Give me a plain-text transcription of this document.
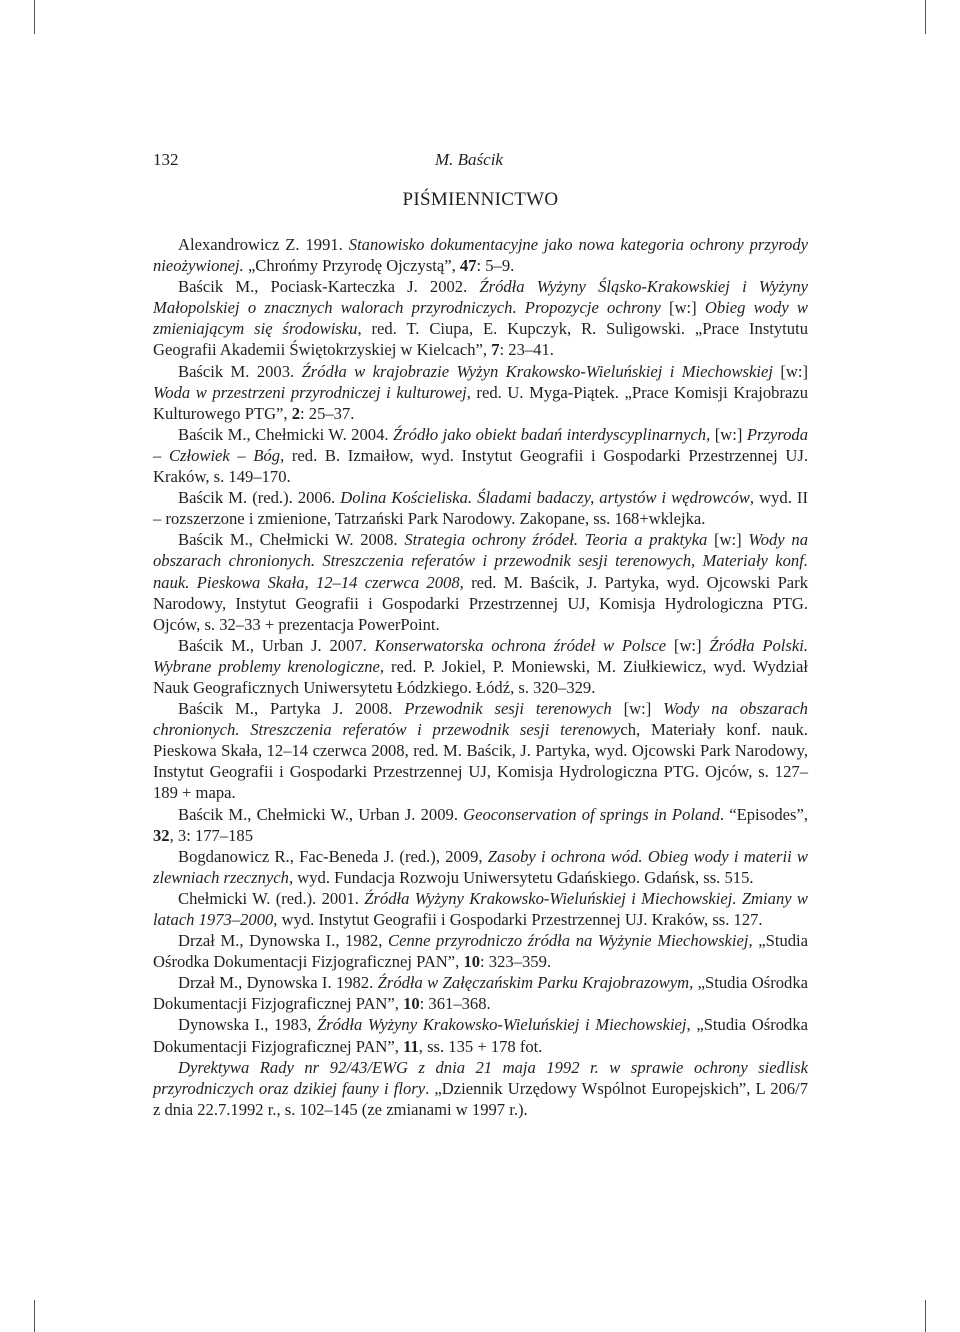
132	M. Baścik
PIŚMIENNICTWO

Alexandrowicz Z. 1991. Stanowisko dokumentacyjne jako nowa kategoria ochrony przyrody nieożywionej. „Chrońmy Przyrodę Ojczystą”, 47: 5–9.

Baścik M., Pociask-Karteczka J. 2002. Źródła Wyżyny Śląsko-Krakowskiej i Wyżyny Małopolskiej o znacznych walorach przyrodniczych. Propozycje ochrony [w:] Obieg wody w zmieniającym się środowisku, red. T. Ciupa, E. Kupczyk, R. Suligowski. „Prace Instytutu Geografii Akademii Świętokrzyskiej w Kielcach”, 7: 23–41.

Baścik M. 2003. Źródła w krajobrazie Wyżyn Krakowsko-Wieluńskiej i Miechowskiej [w:] Woda w przestrzeni przyrodniczej i kulturowej, red. U. Myga-Piątek. „Prace Komisji Krajobrazu Kulturowego PTG”, 2: 25–37.

Baścik M., Chełmicki W. 2004. Źródło jako obiekt badań interdyscyplinarnych, [w:] Przyroda – Człowiek – Bóg, red. B. Izmaiłow, wyd. Instytut Geografii i Gospodarki Przestrzennej UJ. Kraków, s. 149–170.

Baścik M. (red.). 2006. Dolina Kościeliska. Śladami badaczy, artystów i wędrowców, wyd. II – rozszerzone i zmienione, Tatrzański Park Narodowy. Zakopane, ss. 168+wklejka.

Baścik M., Chełmicki W. 2008. Strategia ochrony źródeł. Teoria a praktyka [w:] Wody na obszarach chronionych. Streszczenia referatów i przewodnik sesji terenowych, Materiały konf. nauk. Pieskowa Skała, 12–14 czerwca 2008, red. M. Baścik, J. Partyka, wyd. Ojcowski Park Narodowy, Instytut Geografii i Gospodarki Przestrzennej UJ, Komisja Hydrologiczna PTG. Ojców, s. 32–33 + prezentacja PowerPoint.

Baścik M., Urban J. 2007. Konserwatorska ochrona źródeł w Polsce [w:] Źródła Polski. Wybrane problemy krenologiczne, red. P. Jokiel, P. Moniewski, M. Ziułkiewicz, wyd. Wydział Nauk Geograficznych Uniwersytetu Łódzkiego. Łódź, s. 320–329.

Baścik M., Partyka J. 2008. Przewodnik sesji terenowych [w:] Wody na obszarach chronionych. Streszczenia referatów i przewodnik sesji terenowych, Materiały konf. nauk. Pieskowa Skała, 12–14 czerwca 2008, red. M. Baścik, J. Partyka, wyd. Ojcowski Park Narodowy, Instytut Geografii i Gospodarki Przestrzennej UJ, Komisja Hydrologiczna PTG. Ojców, s. 127–189 + mapa.

Baścik M., Chełmicki W., Urban J. 2009. Geoconservation of springs in Poland. “Episodes”, 32, 3: 177–185

Bogdanowicz R., Fac-Beneda J. (red.), 2009, Zasoby i ochrona wód. Obieg wody i materii w zlewniach rzecznych, wyd. Fundacja Rozwoju Uniwersytetu Gdańskiego. Gdańsk, ss. 515.

Chełmicki W. (red.). 2001. Źródła Wyżyny Krakowsko-Wieluńskiej i Miechowskiej. Zmiany w latach 1973–2000, wyd. Instytut Geografii i Gospodarki Przestrzennej UJ. Kraków, ss. 127.

Drzał M., Dynowska I., 1982, Cenne przyrodniczo źródła na Wyżynie Miechowskiej, „Studia Ośrodka Dokumentacji Fizjograficznej PAN”, 10: 323–359.

Drzał M., Dynowska I. 1982. Źródła w Załęczańskim Parku Krajobrazowym, „Studia Ośrodka Dokumentacji Fizjograficznej PAN”, 10: 361–368.

Dynowska I., 1983, Źródła Wyżyny Krakowsko-Wieluńskiej i Miechowskiej, „Studia Ośrodka Dokumentacji Fizjograficznej PAN”, 11, ss. 135 + 178 fot.

Dyrektywa Rady nr 92/43/EWG z dnia 21 maja 1992 r. w sprawie ochrony siedlisk przyrodniczych oraz dzikiej fauny i flory. „Dziennik Urzędowy Wspólnot Europejskich”, L 206/7 z dnia 22.7.1992 r., s. 102–145 (ze zmianami w 1997 r.).
